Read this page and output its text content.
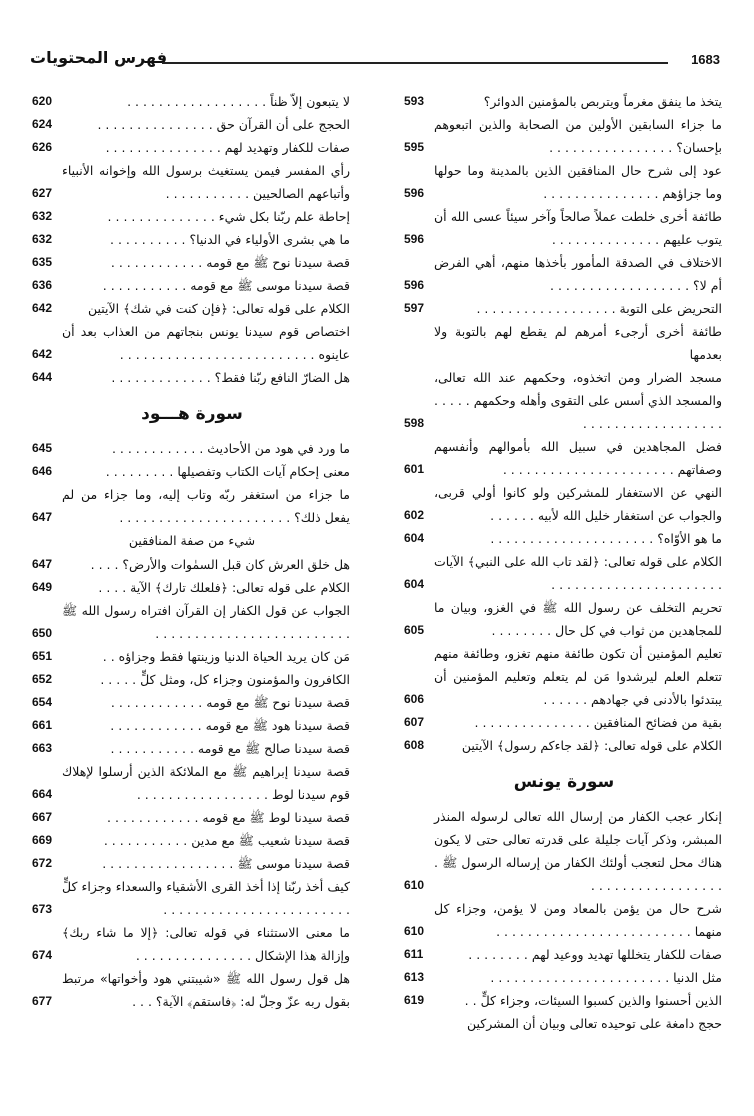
فهرس المحتويات	1683
يتخذ ما ينفق مغرماً ويتربص بالمؤمنين الدوائر؟
593
ما جزاء السابقين الأولين من الصحابة والذين اتبعوهم بإحسان؟ . . . . . . . . . . . . . . . .
595
عود إلى شرح حال المنافقين الذين بالمدينة وما حولها وما جزاؤهم . . . . . . . . . . . . . . .
596
طائفة أخرى خلطت عملاً صالحاً وآخر سيئاً عسى الله أن يتوب عليهم . . . . . . . . . . . . . .
596
الاختلاف في الصدقة المأمور بأخذها منهم، أهي الفرض أم لا؟ . . . . . . . . . . . . . . . . . .
596
التحريض على التوبة . . . . . . . . . . . . . . . . . .
597
طائفة أخرى أرجىء أمرهم لم يقطع لهم بالتوبة ولا بعدمها
مسجد الضرار ومن اتخذوه، وحكمهم عند الله تعالى، والمسجد الذي أسس على التقوى وأهله وحكمهم . . . . . . . . . . . . . . . . . . . . . . .
598
فضل المجاهدين في سبيل الله بأموالهم وأنفسهم وصفاتهم . . . . . . . . . . . . . . . . . . . . . .
601
النهي عن الاستغفار للمشركين ولو كانوا أولي قربى، والجواب عن استغفار خليل الله لأبيه . . . . . .
602
ما هو الأوّاه؟ . . . . . . . . . . . . . . . . . . . . .
604
الكلام على قوله تعالى: ﴿لقد تاب الله على النبي﴾ الآيات . . . . . . . . . . . . . . . . . . . . . .
604
تحريم التخلف عن رسول الله ﷺ في الغزو، وبيان ما للمجاهدين من ثواب في كل حال . . . . . . . .
605
تعليم المؤمنين أن تكون طائفة منهم تغزو، وطائفة منهم تتعلم العلم ليرشدوا مَن لم يتعلم وتعليم المؤمنين أن يبتدئوا بالأدنى في جهادهم . . . . . .
606
بقية من فضائح المنافقين . . . . . . . . . . . . . . .
607
الكلام على قوله تعالى: ﴿لقد جاءكم رسول﴾ الآيتين
608
سورة يونس
إنكار عجب الكفار من إرسال الله تعالى لرسوله المنذر المبشر، وذكر آيات جليلة على قدرته تعالى حتى لا يكون هناك محل لتعجب أولئك الكفار من إرساله الرسول ﷺ . . . . . . . . . . . . . . . . . .
610
شرح حال من يؤمن بالمعاد ومن لا يؤمن، وجزاء كل منهما . . . . . . . . . . . . . . . . . . . . . . . . .
610
صفات للكفار يتخللها تهديد ووعيد لهم . . . . . . . .
611
مثل الدنيا . . . . . . . . . . . . . . . . . . . . . . .
613
الذين أحسنوا والذين كسبوا السيئات، وجزاء كلٍّ . .
619
حجج دامغة على توحيده تعالى وبيان أن المشركين
لا يتبعون إلاّ ظناً . . . . . . . . . . . . . . . . . .
620
الحجج على أن القرآن حق . . . . . . . . . . . . . . .
624
صفات للكفار وتهديد لهم . . . . . . . . . . . . . . .
626
رأي المفسر فيمن يستغيث برسول الله وإخوانه الأنبياء وأتباعهم الصالحيين . . . . . . . . . . .
627
إحاطة علم ربّنا بكل شيء . . . . . . . . . . . . . .
632
ما هي بشرى الأولياء في الدنيا؟ . . . . . . . . . .
632
قصة سيدنا نوح ﷺ مع قومه . . . . . . . . . . . .
635
قصة سيدنا موسى ﷺ مع قومه . . . . . . . . . . .
636
الكلام على قوله تعالى: ﴿فإن كنت في شك﴾ الآيتين
642
اختصاص قوم سيدنا يونس بنجاتهم من العذاب بعد أن عاينوه . . . . . . . . . . . . . . . . . . . . . . . . .
642
هل الضارّ النافع ربّنا فقط؟ . . . . . . . . . . . . .
644
سورة هـــود
ما ورد في هود من الأحاديث . . . . . . . . . . . .
645
معنى إحكام آيات الكتاب وتفصيلها . . . . . . . . .
646
ما جزاء من استغفر ربّه وتاب إليه، وما جزاء من لم يفعل ذلك؟ . . . . . . . . . . . . . . . . . . . . . .
647
شيء من صفة المنافقين
هل خلق العرش كان قبل السمٰوات والأرض؟ . . . .
647
الكلام على قوله تعالى: ﴿فلعلك تارك﴾ الآية . . . .
649
الجواب عن قول الكفار إن القرآن افتراه رسول الله ﷺ . . . . . . . . . . . . . . . . . . . . . . . . .
650
مَن كان يريد الحياة الدنيا وزينتها فقط وجزاؤه . .
651
الكافرون والمؤمنون وجزاء كل، ومثل كلٍّ . . . . .
652
قصة سيدنا نوح ﷺ مع قومه . . . . . . . . . . . .
654
قصة سيدنا هود ﷺ مع قومه . . . . . . . . . . . .
661
قصة سيدنا صالح ﷺ مع قومه . . . . . . . . . . .
663
قصة سيدنا إبراهيم ﷺ مع الملائكة الذين أرسلوا لإهلاك قوم سيدنا لوط . . . . . . . . . . . . . . . . .
664
قصة سيدنا لوط ﷺ مع قومه . . . . . . . . . . . .
667
قصة سيدنا شعيب ﷺ مع مدين . . . . . . . . . . .
669
قصة سيدنا موسى ﷺ . . . . . . . . . . . . . . . . .
672
كيف أخذ ربّنا إذا أخذ القرى الأشقياء والسعداء وجزاء كلٍّ . . . . . . . . . . . . . . . . . . . . . . . .
673
ما معنى الاستثناء في قوله تعالى: ﴿إلا ما شاء ربك﴾ وإزالة هذا الإشكال . . . . . . . . . . . . . . .
674
هل قول رسول الله ﷺ «شيبتني هود وأخواتها» مرتبط بقول ربه عزّ وجلّ له: ﴿فاستقم﴾ الآية؟ . . .
677
